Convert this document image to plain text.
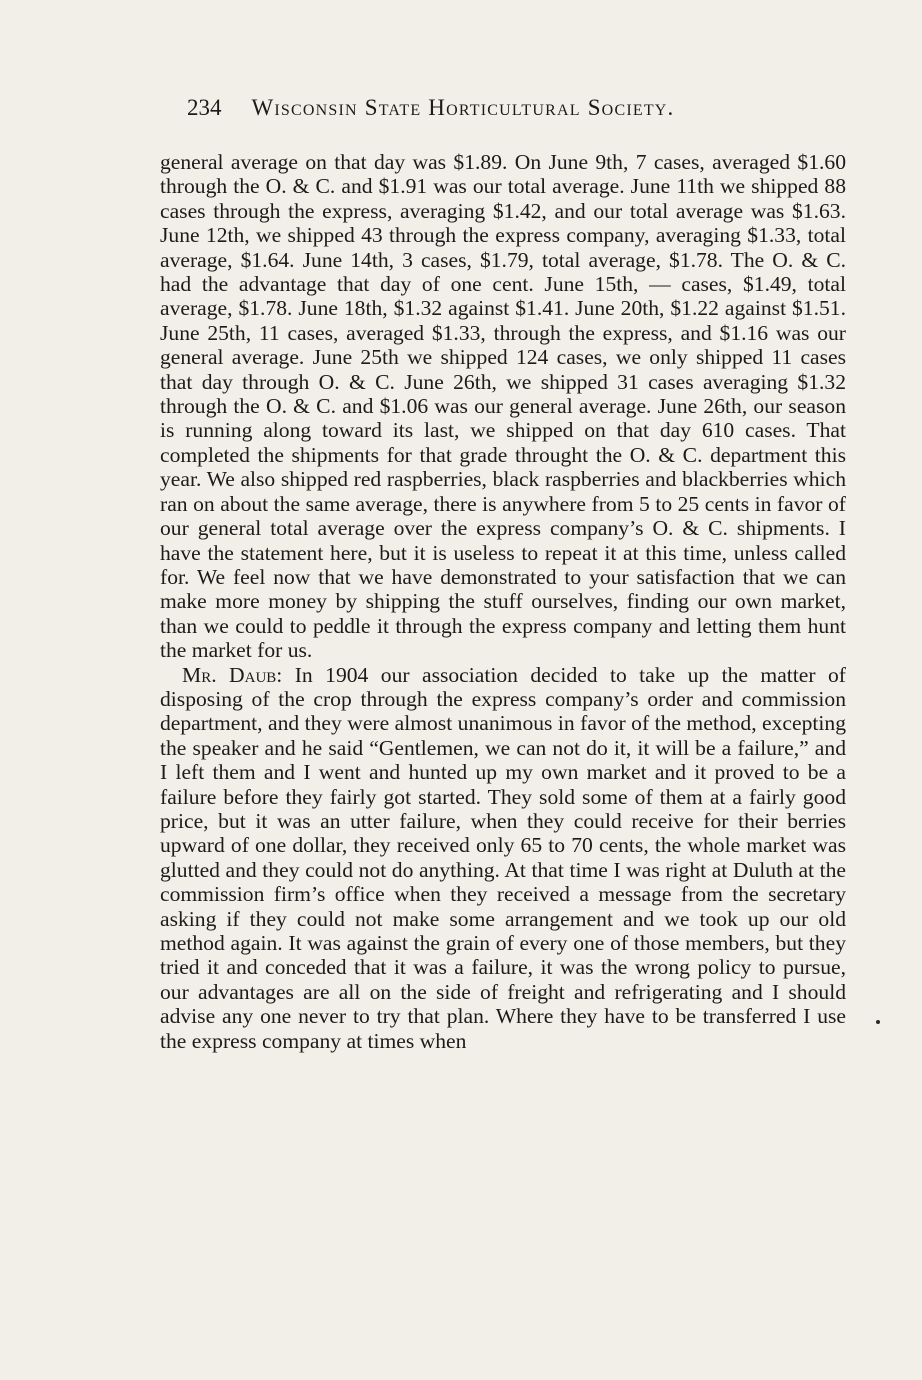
234 Wisconsin State Horticultural Society.

general average on that day was $1.89. On June 9th, 7 cases, averaged $1.60 through the O. & C. and $1.91 was our total average. June 11th we shipped 88 cases through the express, averaging $1.42, and our total average was $1.63. June 12th, we shipped 43 through the express company, averaging $1.33, total average, $1.64. June 14th, 3 cases, $1.79, total average, $1.78. The O. & C. had the advantage that day of one cent. June 15th, — cases, $1.49, total average, $1.78. June 18th, $1.32 against $1.41. June 20th, $1.22 against $1.51. June 25th, 11 cases, averaged $1.33, through the express, and $1.16 was our general average. June 25th we shipped 124 cases, we only shipped 11 cases that day through O. & C. June 26th, we shipped 31 cases averaging $1.32 through the O. & C. and $1.06 was our general average. June 26th, our season is running along toward its last, we shipped on that day 610 cases. That completed the shipments for that grade throught the O. & C. department this year. We also shipped red raspberries, black raspberries and blackberries which ran on about the same average, there is anywhere from 5 to 25 cents in favor of our general total average over the express company’s O. & C. shipments. I have the statement here, but it is useless to repeat it at this time, unless called for. We feel now that we have demonstrated to your satisfaction that we can make more money by shipping the stuff ourselves, finding our own market, than we could to peddle it through the express company and letting them hunt the market for us.

Mr. Daub: In 1904 our association decided to take up the matter of disposing of the crop through the express company’s order and commission department, and they were almost unanimous in favor of the method, excepting the speaker and he said “Gentlemen, we can not do it, it will be a failure,” and I left them and I went and hunted up my own market and it proved to be a failure before they fairly got started. They sold some of them at a fairly good price, but it was an utter failure, when they could receive for their berries upward of one dollar, they received only 65 to 70 cents, the whole market was glutted and they could not do anything. At that time I was right at Duluth at the commission firm’s office when they received a message from the secretary asking if they could not make some arrangement and we took up our old method again. It was against the grain of every one of those members, but they tried it and conceded that it was a failure, it was the wrong policy to pursue, our advantages are all on the side of freight and refrigerating and I should advise any one never to try that plan. Where they have to be transferred I use the express company at times when
